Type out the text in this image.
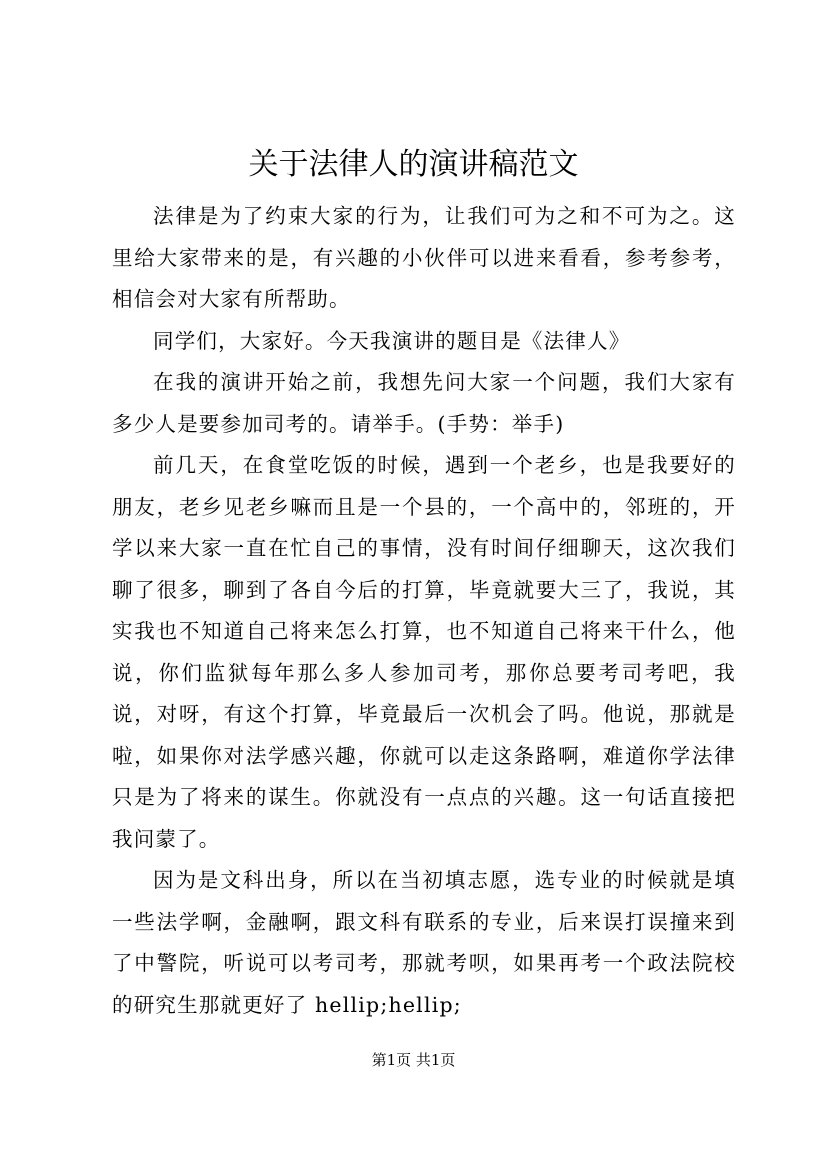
关于法律人的演讲稿范文

法律是为了约束大家的行为，让我们可为之和不可为之。这里给大家带来的是，有兴趣的小伙伴可以进来看看，参考参考，相信会对大家有所帮助。

同学们，大家好。今天我演讲的题目是《法律人》

在我的演讲开始之前，我想先问大家一个问题，我们大家有多少人是要参加司考的。请举手。(手势：举手)

前几天，在食堂吃饭的时候，遇到一个老乡，也是我要好的朋友，老乡见老乡嘛而且是一个县的，一个高中的，邻班的，开学以来大家一直在忙自己的事情，没有时间仔细聊天，这次我们聊了很多，聊到了各自今后的打算，毕竟就要大三了，我说，其实我也不知道自己将来怎么打算，也不知道自己将来干什么，他说，你们监狱每年那么多人参加司考，那你总要考司考吧，我说，对呀，有这个打算，毕竟最后一次机会了吗。他说，那就是啦，如果你对法学感兴趣，你就可以走这条路啊，难道你学法律只是为了将来的谋生。你就没有一点点的兴趣。这一句话直接把我问蒙了。

因为是文科出身，所以在当初填志愿，选专业的时候就是填一些法学啊，金融啊，跟文科有联系的专业，后来误打误撞来到了中警院，听说可以考司考，那就考呗，如果再考一个政法院校的研究生那就更好了 hellip;hellip;

第1页 共1页
